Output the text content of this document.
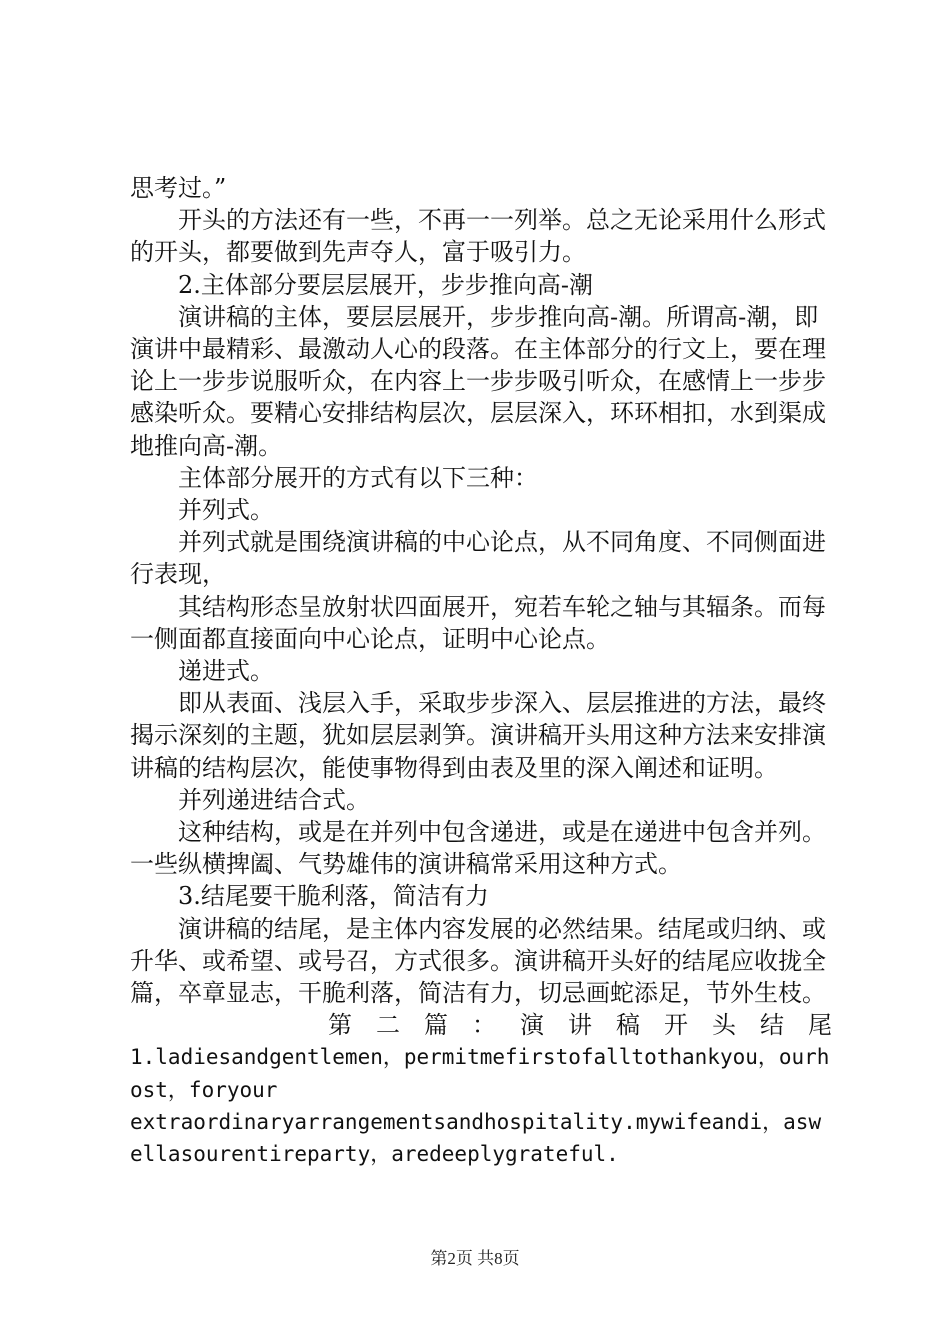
思考过。”

开头的方法还有一些，不再一一列举。总之无论采用什么形式的开头，都要做到先声夺人，富于吸引力。

2.主体部分要层层展开，步步推向高-潮

演讲稿的主体，要层层展开，步步推向高-潮。所谓高-潮，即演讲中最精彩、最激动人心的段落。在主体部分的行文上，要在理论上一步步说服听众，在内容上一步步吸引听众，在感情上一步步感染听众。要精心安排结构层次，层层深入，环环相扣，水到渠成地推向高-潮。

主体部分展开的方式有以下三种：

并列式。

并列式就是围绕演讲稿的中心论点，从不同角度、不同侧面进行表现，

其结构形态呈放射状四面展开，宛若车轮之轴与其辐条。而每一侧面都直接面向中心论点，证明中心论点。

递进式。

即从表面、浅层入手，采取步步深入、层层推进的方法，最终揭示深刻的主题，犹如层层剥笋。演讲稿开头用这种方法来安排演讲稿的结构层次，能使事物得到由表及里的深入阐述和证明。

并列递进结合式。

这种结构，或是在并列中包含递进，或是在递进中包含并列。一些纵横捭阖、气势雄伟的演讲稿常采用这种方式。

3.结尾要干脆利落，简洁有力

演讲稿的结尾，是主体内容发展的必然结果。结尾或归纳、或升华、或希望、或号召，方式很多。演讲稿开头好的结尾应收拢全篇，卒章显志，干脆利落，简洁有力，切忌画蛇添足，节外生枝。

第二篇：演讲稿开头结尾

1.ladiesandgentlemen，permitmefirstofalltothankyou，ourhost，foryour

extraordinaryarrangementsandhospitality.mywifeandi，aswellasourentireparty，aredeeplygrateful.

第2页 共8页
